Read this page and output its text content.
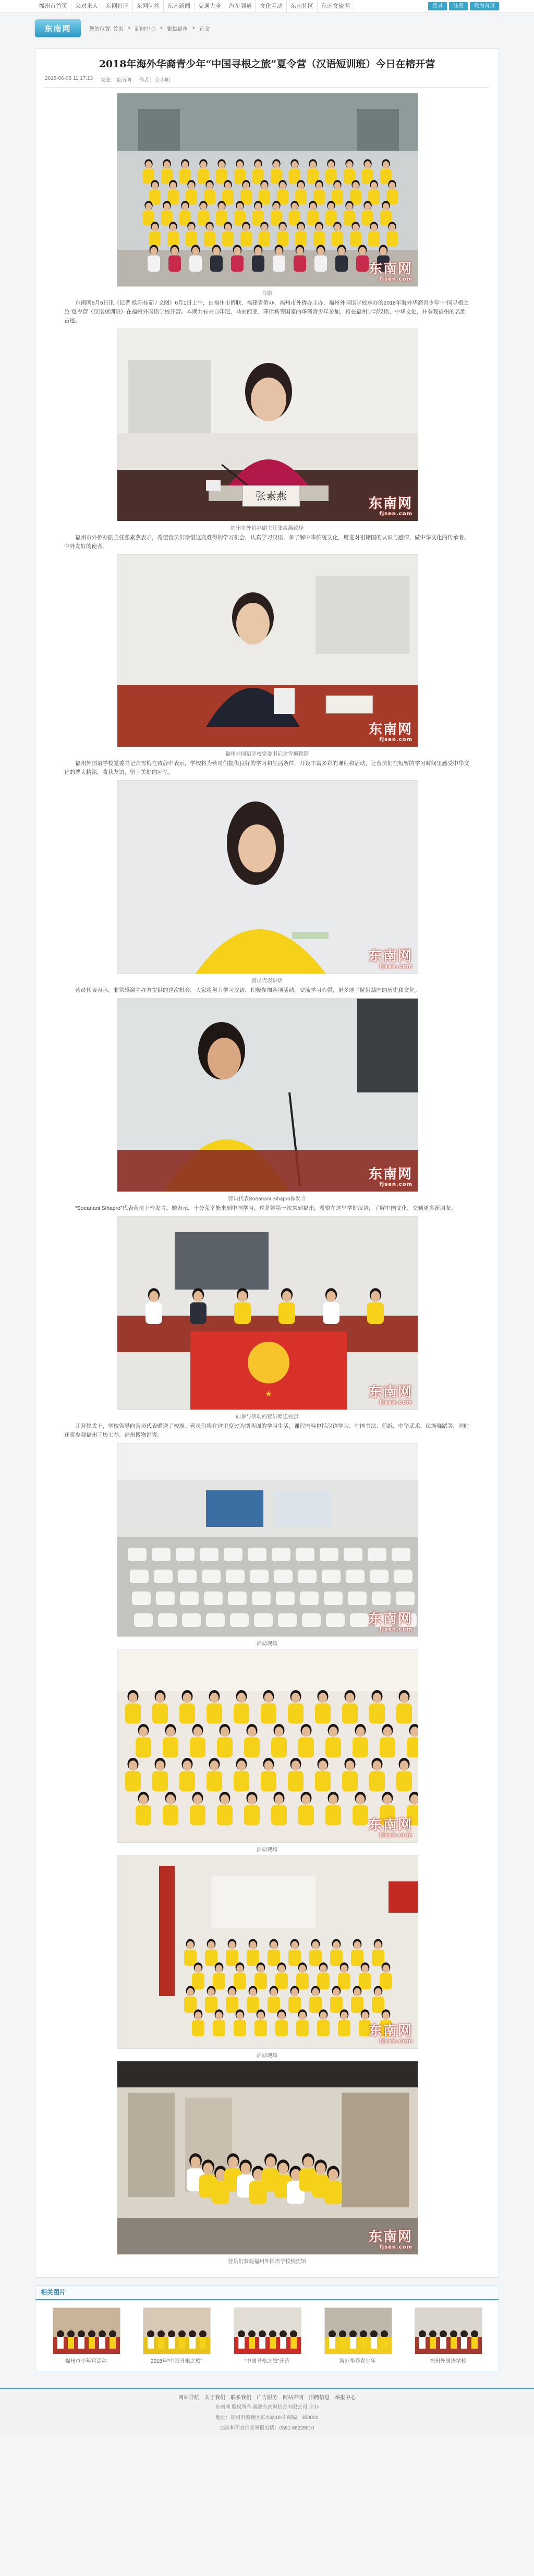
福州市首页	来对来人	东网社区	东网问答	东南新闻	交通大全	汽车频道	文化互动	东南社区	东南文旅网	登录	注册	设为首页
东南网	您的位置: 首页 > 新闻中心 > 聚焦福州 > 正文
2018年海外华裔青少年“中国寻根之旅”夏令营（汉语短训班）今日在榕开营
2018-06-05 11:17:13 来源：东南网 作者：金小明
东南网
fjsen.com
合影

东南网6月5日讯（记者 欧阳桂茹 / 文图）6月1日上午，由福州市侨联、福建省侨办、福州市外侨办主办，福州外国语学校承办的2018年海外华裔青少年“中国寻根之旅”夏令营（汉语短训班）在福州外国语学校开营。本期共有来自印尼、马来西亚、菲律宾等国家的华裔青少年参加，将在福州学习汉语、中华文化，并参观福州的名胜古迹。

张素燕	东南网
fjsen.com
福州市外侨办副主任张素燕致辞

福州市外侨办副主任张素燕表示，希望营员们珍惜这次难得的学习机会，认真学习汉语，多了解中华传统文化，增进对祖籍国的认识与感情，做中华文化的传承者、中外友好的使者。

东南网
fjsen.com
福州外国语学校党委书记余雪梅致辞

福州外国语学校党委书记余雪梅在致辞中表示，学校将为营员们提供良好的学习和生活条件，开设丰富多彩的课程和活动，让营员们在短暂的学习时间里感受中华文化的博大精深，收获友谊，留下美好的回忆。

东南网
fjsen.com
营员代表讲话

营员代表表示，非常感谢主办方提供的这次机会，大家将努力学习汉语，积极参加各项活动，交流学习心得，更多地了解祖籍国的历史和文化。

东南网
fjsen.com
营员代表Soeanani Sihapro做发言

“Soeanani Sihapro”代表营员上台发言。她表示，十分荣幸能来到中国学习，这是她第一次来到福州，希望在这里学好汉语，了解中国文化，交到更多新朋友。

★	东南网
fjsen.com
向参与活动的营员赠送校旗

开营仪式上，学校领导向营员代表赠送了校旗。营员们将在这里度过为期两周的学习生活，课程内容包括汉语学习、中国书法、剪纸、中华武术、民族舞蹈等，同时还将参观福州三坊七巷、福州博物馆等。

东南网
fjsen.com
活动现场
东南网
fjsen.com
活动现场
东南网
fjsen.com
活动现场
东南网
fjsen.com
营员们参观福州外国语学校校史馆
相关图片
福州市少年宫活动	2018年“中国寻根之旅”	“中国寻根之旅”开营	海外华裔青少年	福州外国语学校
网站导航 关于我们 联系我们 广告服务 网站声明 招聘信息 举报中心
东南网 版权所有 福建东南网信息有限公司 主办
地址：福州市鼓楼区东水路18号 邮编：350001
违法和不良信息举报电话：0591-88226910
